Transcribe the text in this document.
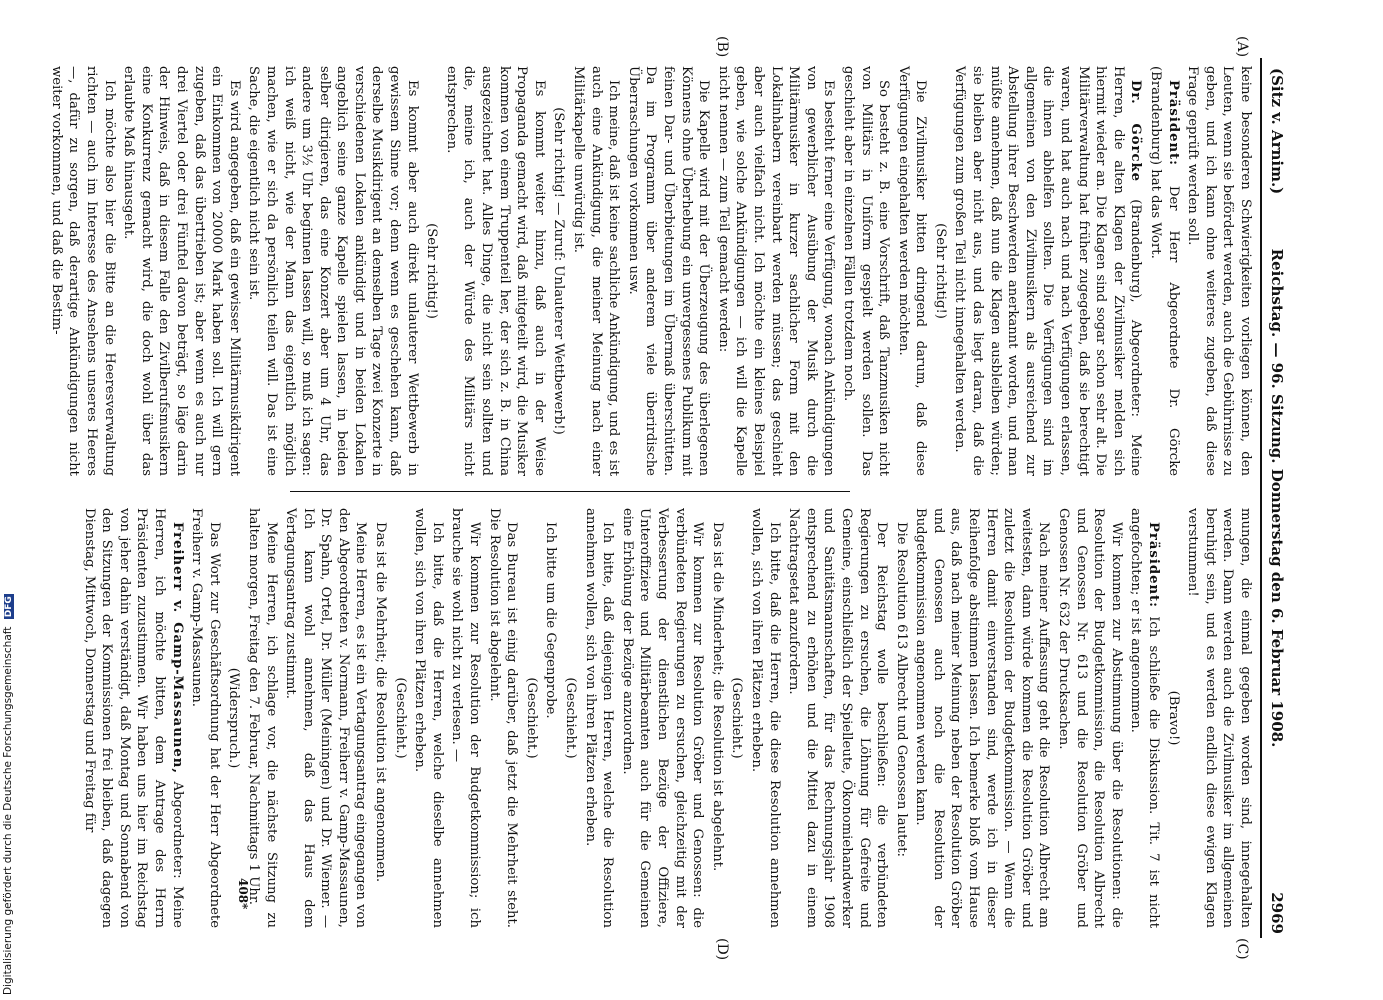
(Sitz v. Arnim.)
Reichstag. — 96. Sitzung. Donnerstag den 6. Februar 1908.
2969
(A)
(B)
(C)
(D)

keine besonderen Schwierigkeiten vorliegen können, den Leuten, wenn sie befördert werden, auch die Gebührnisse zu geben, und ich kann ohne weiteres zugeben, daß diese Frage geprüft werden soll.

Präsident: Der Herr Abgeordnete Dr. Görcke (Brandenburg) hat das Wort.

Dr. Görcke (Brandenburg), Abgeordneter: Meine Herren, die alten Klagen der Zivilmusiker melden sich hiermit wieder an. Die Klagen sind sogar schon sehr alt. Die Militärverwaltung hat früher zugegeben, daß sie berechtigt waren, und hat auch nach und nach Verfügungen erlassen, die ihnen abhelfen sollten. Die Verfügungen sind im allgemeinen von den Zivilmusikern als ausreichend zur Abstellung ihrer Beschwerden anerkannt worden, und man müßte annehmen, daß nun die Klagen ausbleiben würden; sie bleiben aber nicht aus, und das liegt daran, daß die Verfügungen zum großen Teil nicht innegehalten werden.

(Sehr richtig!)

Die Zivilmusiker bitten dringend darum, daß diese Verfügungen eingehalten werden möchten.

So besteht z. B. eine Vorschrift, daß Tanzmusiken nicht von Militärs in Uniform gespielt werden sollen. Das geschieht aber in einzelnen Fällen trotzdem noch.

Es besteht ferner eine Verfügung, wonach Ankündigungen von gewerblicher Ausübung der Musik durch die Militärmusiker in kurzer sachlicher Form mit den Lokalinhabern vereinbart werden müssen; das geschieht aber auch vielfach nicht. Ich möchte ein kleines Beispiel geben, wie solche Ankündigungen — ich will die Kapelle nicht nennen — zum Teil gemacht werden:

Die Kapelle wird mit der Überzeugung des überlegenen Könnens ohne Überhebung ein unvergessenes Publikum mit feinen Dar- und Überbietungen im Übermaß überschütten. Da im Programm über anderem viele überirdische Überraschungen vorkommen usw.

Ich meine, daß ist keine sachliche Ankündigung, und es ist auch eine Ankündigung, die meiner Meinung nach einer Militärkapelle unwürdig ist.

(Sehr richtig! — Zuruf: Unlauterer Wettbewerb!)

Es kommt weiter hinzu, daß auch in der Weise Propaganda gemacht wird, daß mitgeteilt wird, die Musiker kommen von einem Truppenteil her, der sich z. B. in China ausgezeichnet hat. Alles Dinge, die nicht sein sollten und die, meine ich, auch der Würde des Militärs nicht entsprechen.

(Sehr richtig!)

Es kommt aber auch direkt unlauterer Wettbewerb in gewissem Sinne vor; denn wenn es geschehen kann, daß derselbe Musikdirigent an demselben Tage zwei Konzerte in verschiedenen Lokalen ankündigt und in beiden Lokalen angeblich seine ganze Kapelle spielen lassen, in beiden selber dirigieren, das eine Konzert aber um 4 Uhr, das andere um 3½ Uhr beginnen lassen will, so muß ich sagen: ich weiß nicht, wie der Mann das eigentlich möglich machen, wie er sich da persönlich teilen will. Das ist eine Sache, die eigentlich nicht sein ist.

Es wird angegeben, daß ein gewisser Militärmusikdirigent ein Einkommen von 20000 Mark haben soll. Ich will gern zugeben, daß das übertrieben ist; aber wenn es auch nur drei Viertel oder drei Fünftel davon beträgt, so läge darin der Hinweis, daß in diesem Falle den Zivilberufsmusikern eine Konkurrenz gemacht wird, die doch wohl über das erlaubte Maß hinausgeht.

Ich möchte also hier die Bitte an die Heeresverwaltung richten — auch im Interesse des Ansehens unseres Heeres —, dafür zu sorgen, daß derartige Ankündigungen nicht weiter vorkommen, und daß die Bestim-

mungen, die einmal gegeben worden sind, innegehalten werden. Dann werden auch die Zivilmusiker im allgemeinen beruhigt sein, und es werden endlich diese ewigen Klagen verstummen!

(Bravo!)

Präsident: Ich schließe die Diskussion. Tit. 7 ist nicht angefochten; er ist angenommen.

Wir kommen zur Abstimmung über die Resolutionen: die Resolution der Budgetkommission, die Resolution Albrecht und Genossen Nr. 613 und die Resolution Gröber und Genossen Nr. 632 der Drucksachen.

Nach meiner Auffassung geht die Resolution Albrecht am weitesten, dann würde kommen die Resolution Gröber und zuletzt die Resolution der Budgetkommission. — Wenn die Herren damit einverstanden sind, werde ich in dieser Reihenfolge abstimmen lassen. Ich bemerke bloß vom Hause aus, daß nach meiner Meinung neben der Resolution Gröber und Genossen auch noch die Resolution der Budgetkommission angenommen werden kann.

Die Resolution 613 Albrecht und Genossen lautet:

Der Reichstag wolle beschließen: die verbündeten Regierungen zu ersuchen, die Löhnung für Gefreite und Gemeine, einschließlich der Spielleute, Ökonomiehandwerker und Sanitätsmannschaften, für das Rechnungsjahr 1908 entsprechend zu erhöhen und die Mittel dazu in einem Nachtragsetat anzufordern.

Ich bitte, daß die Herren, die diese Resolution annehmen wollen, sich von ihren Plätzen erheben.

(Geschieht.)

Das ist die Minderheit; die Resolution ist abgelehnt.

Wir kommen zur Resolution Gröber und Genossen: die verbündeten Regierungen zu ersuchen, gleichzeitig mit der Verbesserung der dienstlichen Bezüge der Offiziere, Unteroffiziere und Militärbeamten auch für die Gemeinen eine Erhöhung der Bezüge anzuordnen.

Ich bitte, daß diejenigen Herren, welche die Resolution annehmen wollen, sich von ihren Plätzen erheben.

(Geschieht.)

Ich bitte um die Gegenprobe.

(Geschieht.)

Das Bureau ist einig darüber, daß jetzt die Mehrheit steht. Die Resolution ist abgelehnt.

Wir kommen zur Resolution der Budgetkommission; ich brauche sie wohl nicht zu verlesen. —

Ich bitte, daß die Herren, welche dieselbe annehmen wollen, sich von ihren Plätzen erheben.

(Geschieht.)

Das ist die Mehrheit; die Resolution ist angenommen.

Meine Herren, es ist ein Vertagungsantrag eingegangen von den Abgeordneten v. Normann, Freiherr v. Gamp-Massaunen, Dr. Spahn, Ortel, Dr. Müller (Meiningen) und Dr. Wiemer. — Ich kann wohl annehmen, daß das Haus dem Vertagungsantrag zustimmt.

Meine Herren, ich schlage vor, die nächste Sitzung zu halten morgen, Freitag den 7. Februar, Nachmittags 1 Uhr.

(Widerspruch.)

Das Wort zur Geschäftsordnung hat der Herr Abgeordnete Freiherr v. Gamp-Massaunen.

Freiherr v. Gamp-Massaunen, Abgeordneter: Meine Herren, ich möchte bitten, dem Antrage des Herrn Präsidenten zuzustimmen. Wir haben uns hier im Reichstag von jeher dahin verständigt, daß Montag und Sonnabend von den Sitzungen der Kommissionen frei bleiben, daß dagegen Dienstag, Mittwoch, Donnerstag und Freitag für

408*
Digitalisierung gefördert durch die Deutsche Forschungsgemeinschaft DFG
